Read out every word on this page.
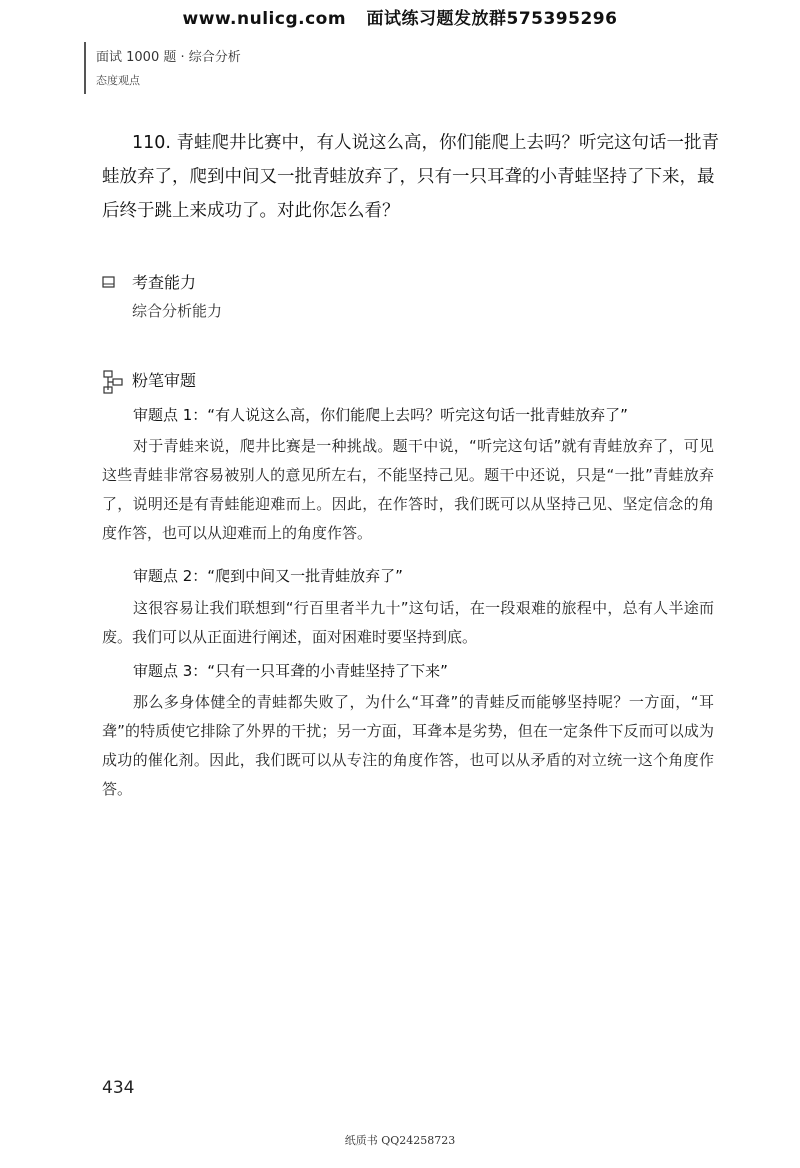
www.nulicg.com 面试练习题发放群575395296
面试 1000 题 · 综合分析
态度观点
110. 青蛙爬井比赛中，有人说这么高，你们能爬上去吗？听完这句话一批青蛙放弃了，爬到中间又一批青蛙放弃了，只有一只耳聋的小青蛙坚持了下来，最后终于跳上来成功了。对此你怎么看？
考查能力
综合分析能力
粉笔审题
审题点 1：“有人说这么高，你们能爬上去吗？听完这句话一批青蛙放弃了”

对于青蛙来说，爬井比赛是一种挑战。题干中说，“听完这句话”就有青蛙放弃了，可见这些青蛙非常容易被别人的意见所左右，不能坚持己见。题干中还说，只是“一批”青蛙放弃了，说明还是有青蛙能迎难而上。因此，在作答时，我们既可以从坚持己见、坚定信念的角度作答，也可以从迎难而上的角度作答。

审题点 2：“爬到中间又一批青蛙放弃了”

这很容易让我们联想到“行百里者半九十”这句话，在一段艰难的旅程中，总有人半途而废。我们可以从正面进行阐述，面对困难时要坚持到底。

审题点 3：“只有一只耳聋的小青蛙坚持了下来”

那么多身体健全的青蛙都失败了，为什么“耳聋”的青蛙反而能够坚持呢？一方面，“耳聋”的特质使它排除了外界的干扰；另一方面，耳聋本是劣势，但在一定条件下反而可以成为成功的催化剂。因此，我们既可以从专注的角度作答，也可以从矛盾的对立统一这个角度作答。

434
纸质书 QQ24258723
